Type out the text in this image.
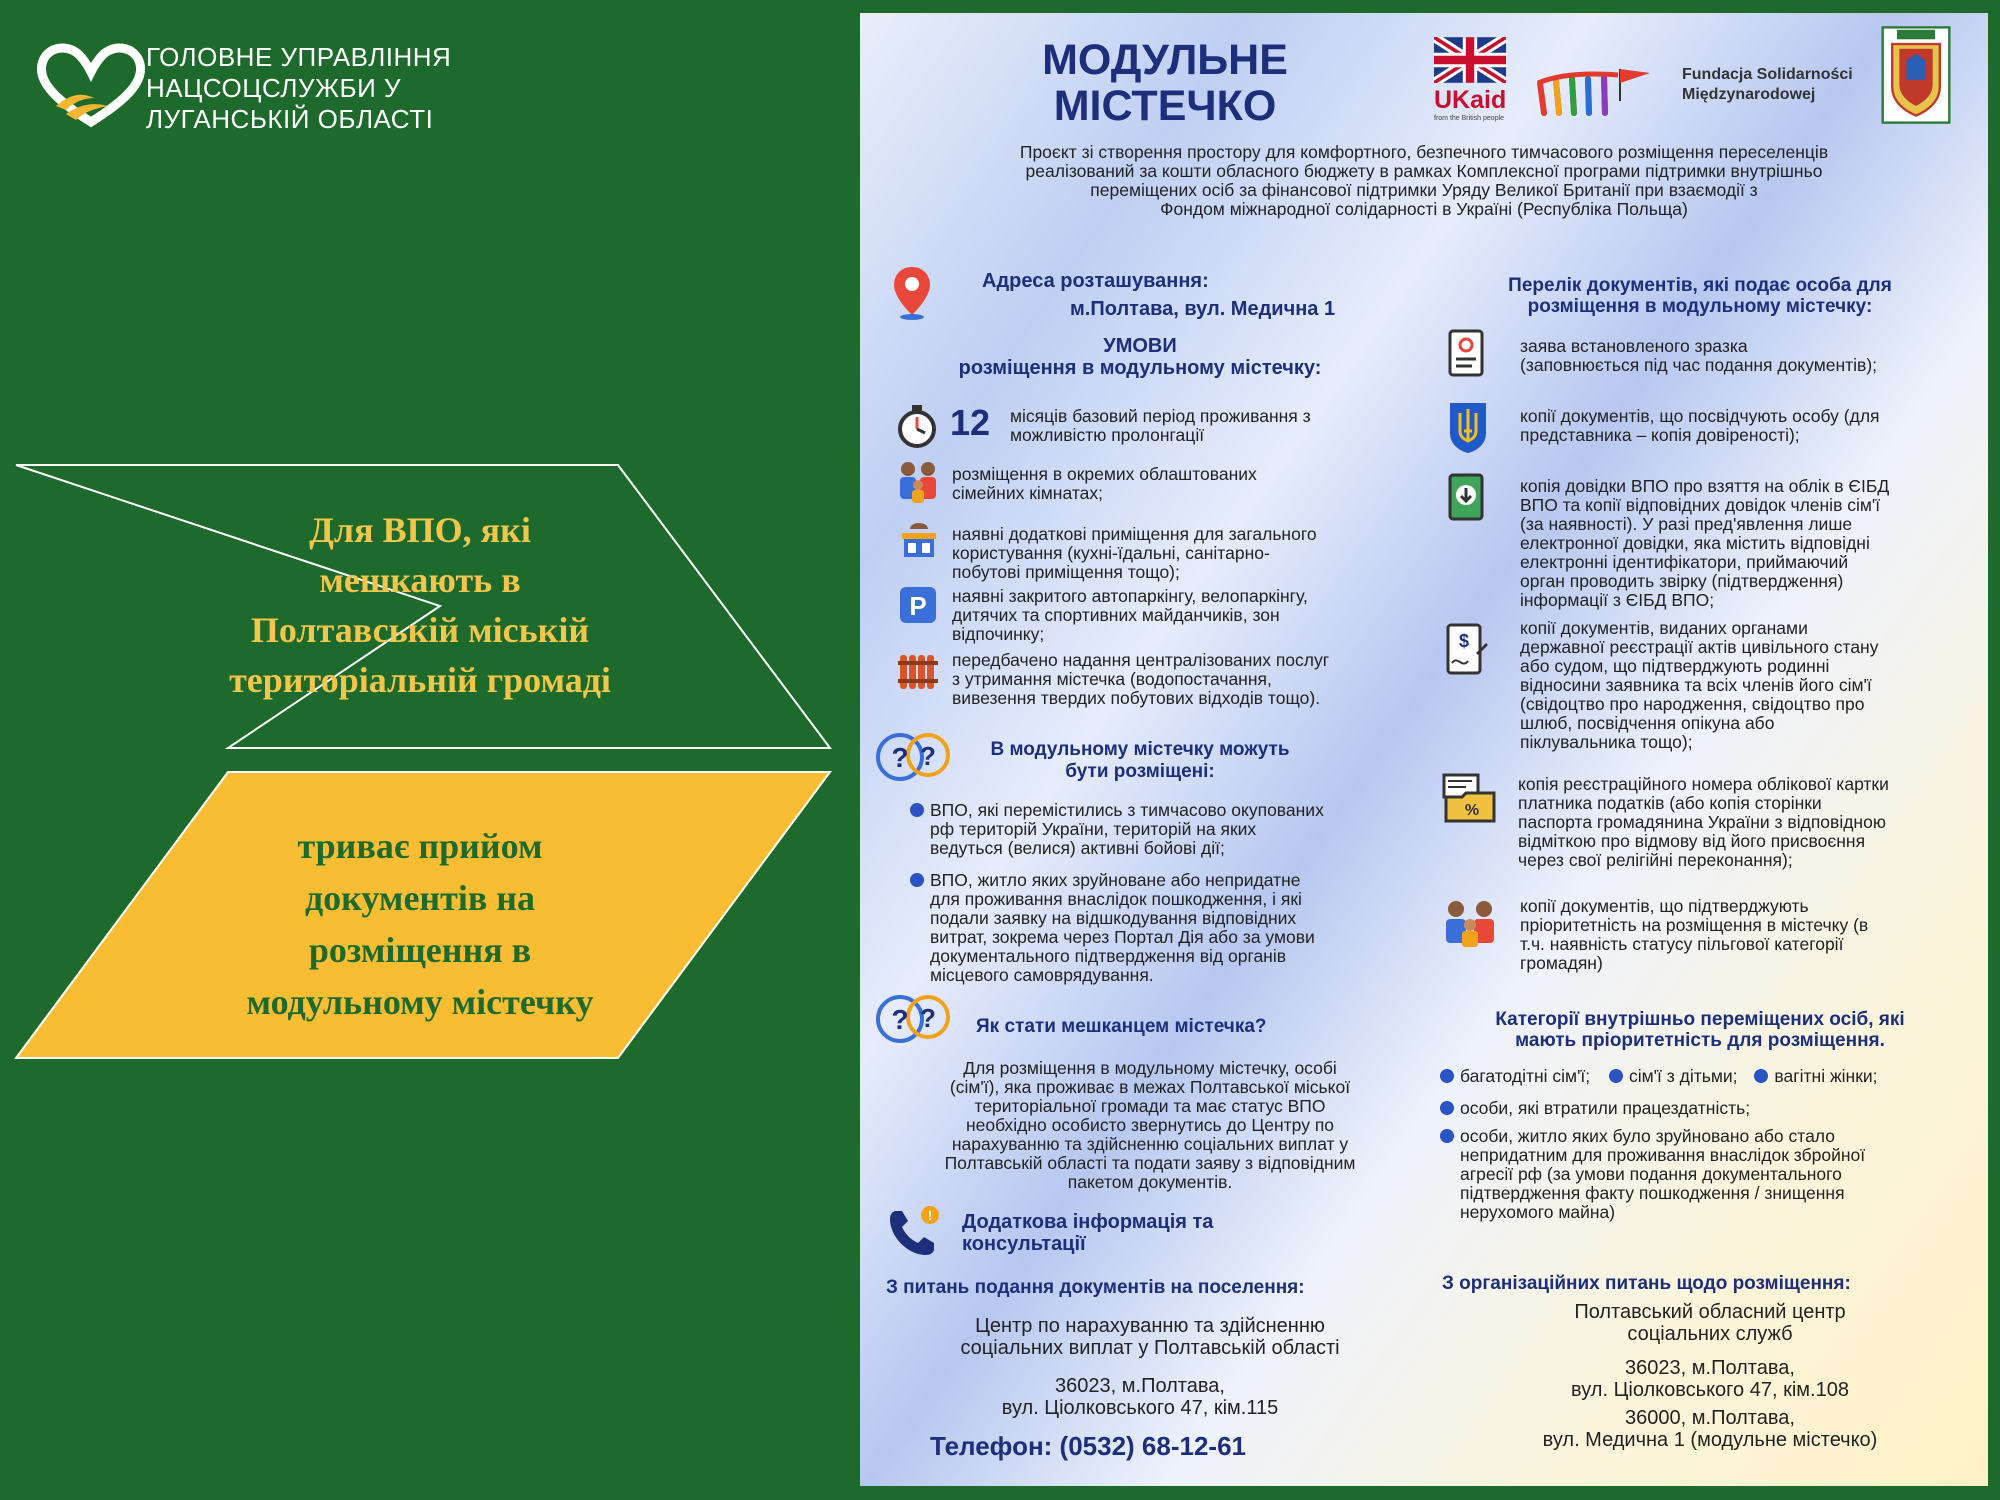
ГОЛОВНЕ УПРАВЛІННЯ
НАЦСОЦСЛУЖБИ У
ЛУГАНСЬКІЙ ОБЛАСТІ
Для ВПО, які
мешкають в
Полтавській міській
територіальній громаді
триває прийом
документів на
розміщення в
модульному містечку
МОДУЛЬНЕ
МІСТЕЧКО	UKaid
from the British people
Fundacja Solidarności
Międzynarodowej
Проєкт зі створення простору для комфортного, безпечного тимчасового розміщення переселенців
реалізований за кошти обласного бюджету в рамках Комплексної програми підтримки внутрішньо
переміщених осіб за фінансової підтримки Уряду Великої Британії при взаємодії з
Фондом міжнародної солідарності в Україні (Республіка Польща)
Адреса розташування:
м.Полтава, вул. Медична 1
УМОВИ
розміщення в модульному містечку:
12 місяців базовий період проживання з
можливістю пролонгації
розміщення в окремих облаштованих
сімейних кімнатах;
наявні додаткові приміщення для загального
користування (кухні-їдальні, санітарно-
побутові приміщення тощо);
P наявні закритого автопаркінгу, велопаркінгу,
дитячих та спортивних майданчиків, зон
відпочинку;
передбачено надання централізованих послуг
з утримання містечка (водопостачання,
вивезення твердих побутових відходів тощо).
? ?	В модульному містечку можуть
бути розміщені:
ВПО, які перемістились з тимчасово окупованих
рф територій України, територій на яких
ведуться (велися) активні бойові дії;
ВПО, житло яких зруйноване або непридатне
для проживання внаслідок пошкодження, і які
подали заявку на відшкодування відповідних
витрат, зокрема через Портал Дія або за умови
документального підтвердження від органів
місцевого самоврядування.
? ? Як стати мешканцем містечка?
Для розміщення в модульному містечку, особі
(сім'ї), яка проживає в межах Полтавської міської
територіальної громади та має статус ВПО
необхідно особисто звернутись до Центру по
нарахуванню та здійсненню соціальних виплат у
Полтавській області та подати заяву з відповідним
пакетом документів.
! Додаткова інформація та
консультації
З питань подання документів на поселення:
Центр по нарахуванню та здійсненню
соціальних виплат у Полтавській області
36023, м.Полтава,
вул. Ціолковського 47, кім.115
Телефон: (0532) 68-12-61
Перелік документів, які подає особа для
розміщення в модульному містечку:
заява встановленого зразка
(заповнюється під час подання документів);
копії документів, що посвідчують особу (для
представника – копія довіреності);
копія довідки ВПО про взяття на облік в ЄІБД
ВПО та копії відповідних довідок членів сім'ї
(за наявності). У разі пред'явлення лише
електронної довідки, яка містить відповідні
електронні ідентифікатори, приймаючий
орган проводить звірку (підтвердження)
інформації з ЄІБД ВПО;
$
копії документів, виданих органами
державної реєстрації актів цивільного стану
або судом, що підтверджують родинні
відносини заявника та всіх членів його сім'ї
(свідоцтво про народження, свідоцтво про
шлюб, посвідчення опікуна або
піклувальника тощо);
%
копія реєстраційного номера облікової картки
платника податків (або копія сторінки
паспорта громадянина України з відповідною
відміткою про відмову від його присвоєння
через свої релігійні переконання);
копії документів, що підтверджують
пріоритетність на розміщення в містечку (в
т.ч. наявність статусу пільгової категорії
громадян)
Категорії внутрішньо переміщених осіб, які
мають пріоритетність для розміщення.
багатодітні сім'ї; сім'ї з дітьми; вагітні жінки;
особи, які втратили працездатність;
особи, житло яких було зруйновано або стало
непридатним для проживання внаслідок збройної
агресії рф (за умови подання документального
підтвердження факту пошкодження / знищення
нерухомого майна)
З організаційних питань щодо розміщення:
Полтавський обласний центр
соціальних служб
36023, м.Полтава,
вул. Ціолковського 47, кім.108
36000, м.Полтава,
вул. Медична 1 (модульне містечко)
